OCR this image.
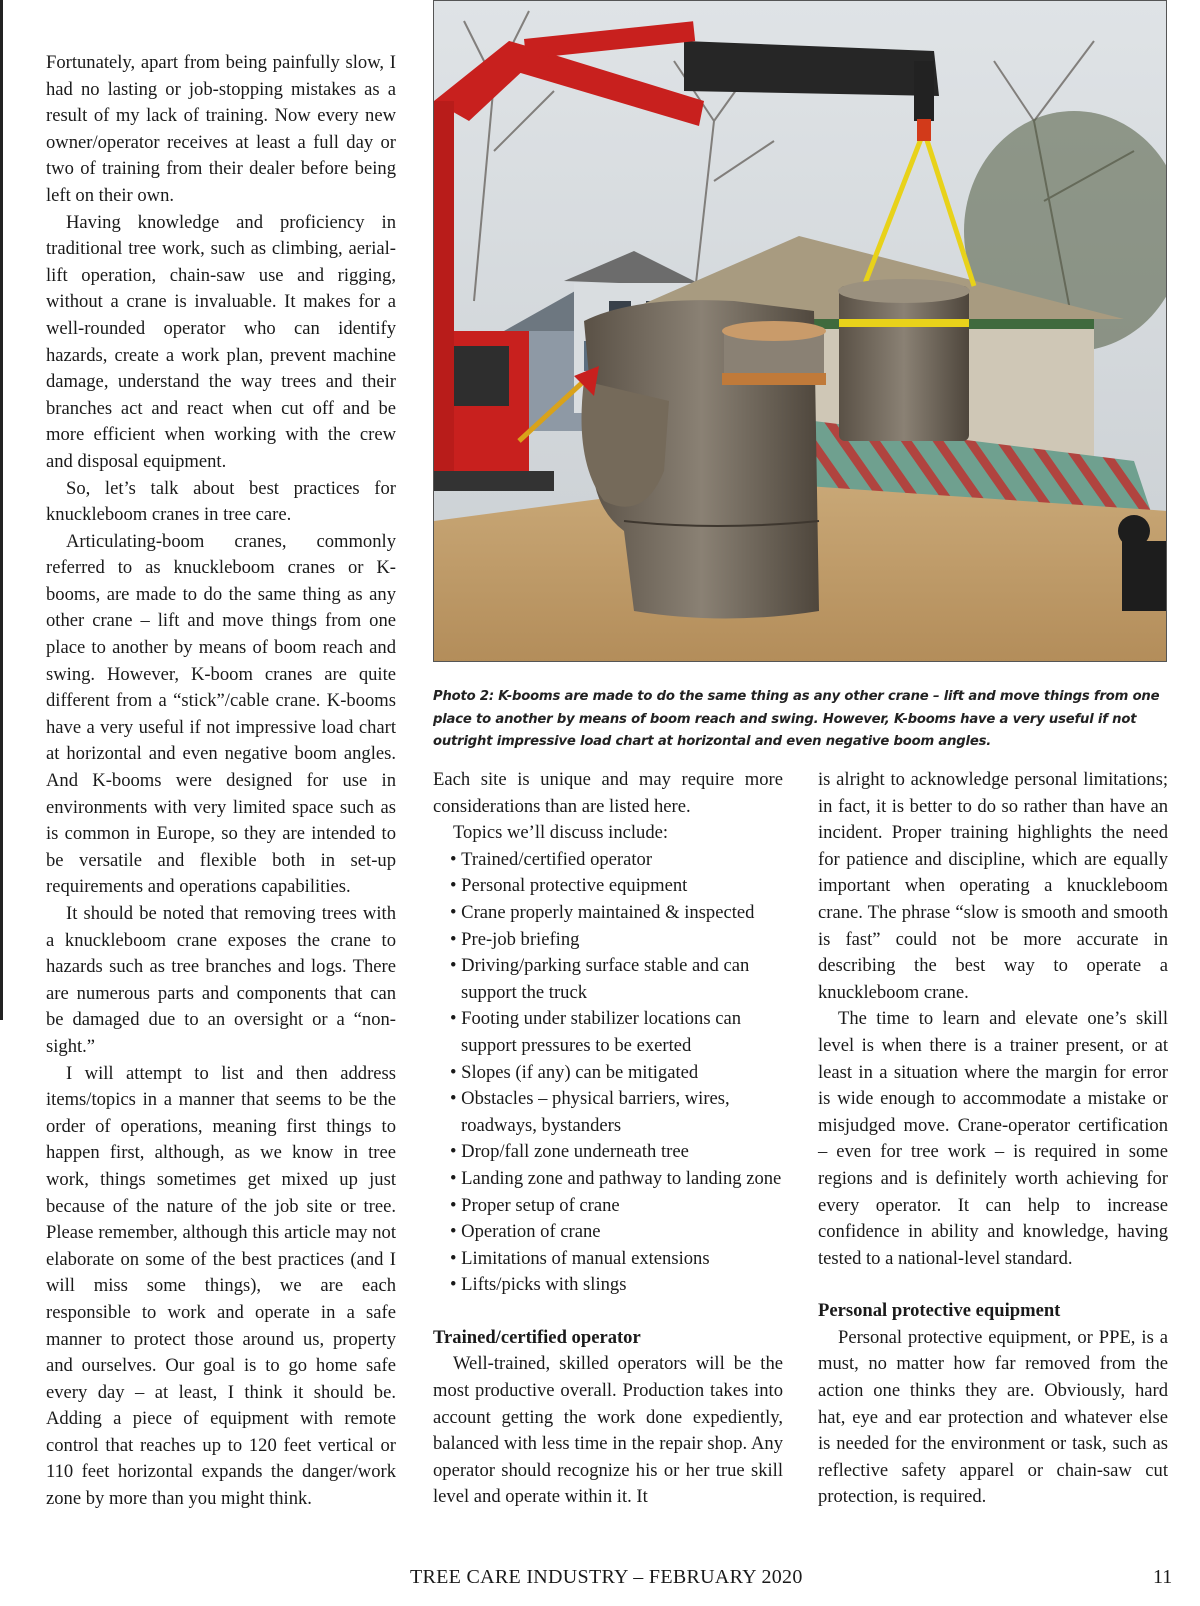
Fortunately, apart from being painfully slow, I had no lasting or job-stopping mistakes as a result of my lack of training. Now every new owner/operator receives at least a full day or two of training from their dealer before being left on their own.

Having knowledge and proficiency in traditional tree work, such as climbing, aerial-lift operation, chain-saw use and rigging, without a crane is invaluable. It makes for a well-rounded operator who can identify hazards, create a work plan, prevent machine damage, understand the way trees and their branches act and react when cut off and be more efficient when working with the crew and disposal equipment.

So, let’s talk about best practices for knuckleboom cranes in tree care.

Articulating-boom cranes, commonly referred to as knuckleboom cranes or K-booms, are made to do the same thing as any other crane – lift and move things from one place to another by means of boom reach and swing. However, K-boom cranes are quite different from a “stick”/cable crane. K-booms have a very useful if not impressive load chart at horizontal and even negative boom angles. And K-booms were designed for use in environments with very limited space such as is common in Europe, so they are intended to be versatile and flexible both in set-up requirements and operations capabilities.

It should be noted that removing trees with a knuckleboom crane exposes the crane to hazards such as tree branches and logs. There are numerous parts and components that can be damaged due to an oversight or a “non-sight.”

I will attempt to list and then address items/topics in a manner that seems to be the order of operations, meaning first things to happen first, although, as we know in tree work, things sometimes get mixed up just because of the nature of the job site or tree. Please remember, although this article may not elaborate on some of the best practices (and I will miss some things), we are each responsible to work and operate in a safe manner to protect those around us, property and ourselves. Our goal is to go home safe every day – at least, I think it should be. Adding a piece of equipment with remote control that reaches up to 120 feet vertical or 110 feet horizontal expands the danger/work zone by more than you might think.

Photo 2: K-booms are made to do the same thing as any other crane – lift and move things from one place to another by means of boom reach and swing. However, K-booms have a very useful if not outright impressive load chart at horizontal and even negative boom angles.

Each site is unique and may require more considerations than are listed here.

Topics we’ll discuss include:

• Trained/certified operator
• Personal protective equipment
• Crane properly maintained & inspected
• Pre-job briefing
• Driving/parking surface stable and can support the truck
• Footing under stabilizer locations can support pressures to be exerted
• Slopes (if any) can be mitigated
• Obstacles – physical barriers, wires, roadways, bystanders
• Drop/fall zone underneath tree
• Landing zone and pathway to landing zone
• Proper setup of crane
• Operation of crane
• Limitations of manual extensions
• Lifts/picks with slings
Trained/certified operator

Well-trained, skilled operators will be the most productive overall. Production takes into account getting the work done expediently, balanced with less time in the repair shop. Any operator should recognize his or her true skill level and operate within it. It

is alright to acknowledge personal limitations; in fact, it is better to do so rather than have an incident. Proper training highlights the need for patience and discipline, which are equally important when operating a knuckleboom crane. The phrase “slow is smooth and smooth is fast” could not be more accurate in describing the best way to operate a knuckleboom crane.

The time to learn and elevate one’s skill level is when there is a trainer present, or at least in a situation where the margin for error is wide enough to accommodate a mistake or misjudged move. Crane-operator certification – even for tree work – is required in some regions and is definitely worth achieving for every operator. It can help to increase confidence in ability and knowledge, having tested to a national-level standard.

Personal protective equipment

Personal protective equipment, or PPE, is a must, no matter how far removed from the action one thinks they are. Obviously, hard hat, eye and ear protection and whatever else is needed for the environment or task, such as reflective safety apparel or chain-saw cut protection, is required.

TREE CARE INDUSTRY – FEBRUARY 2020	11
